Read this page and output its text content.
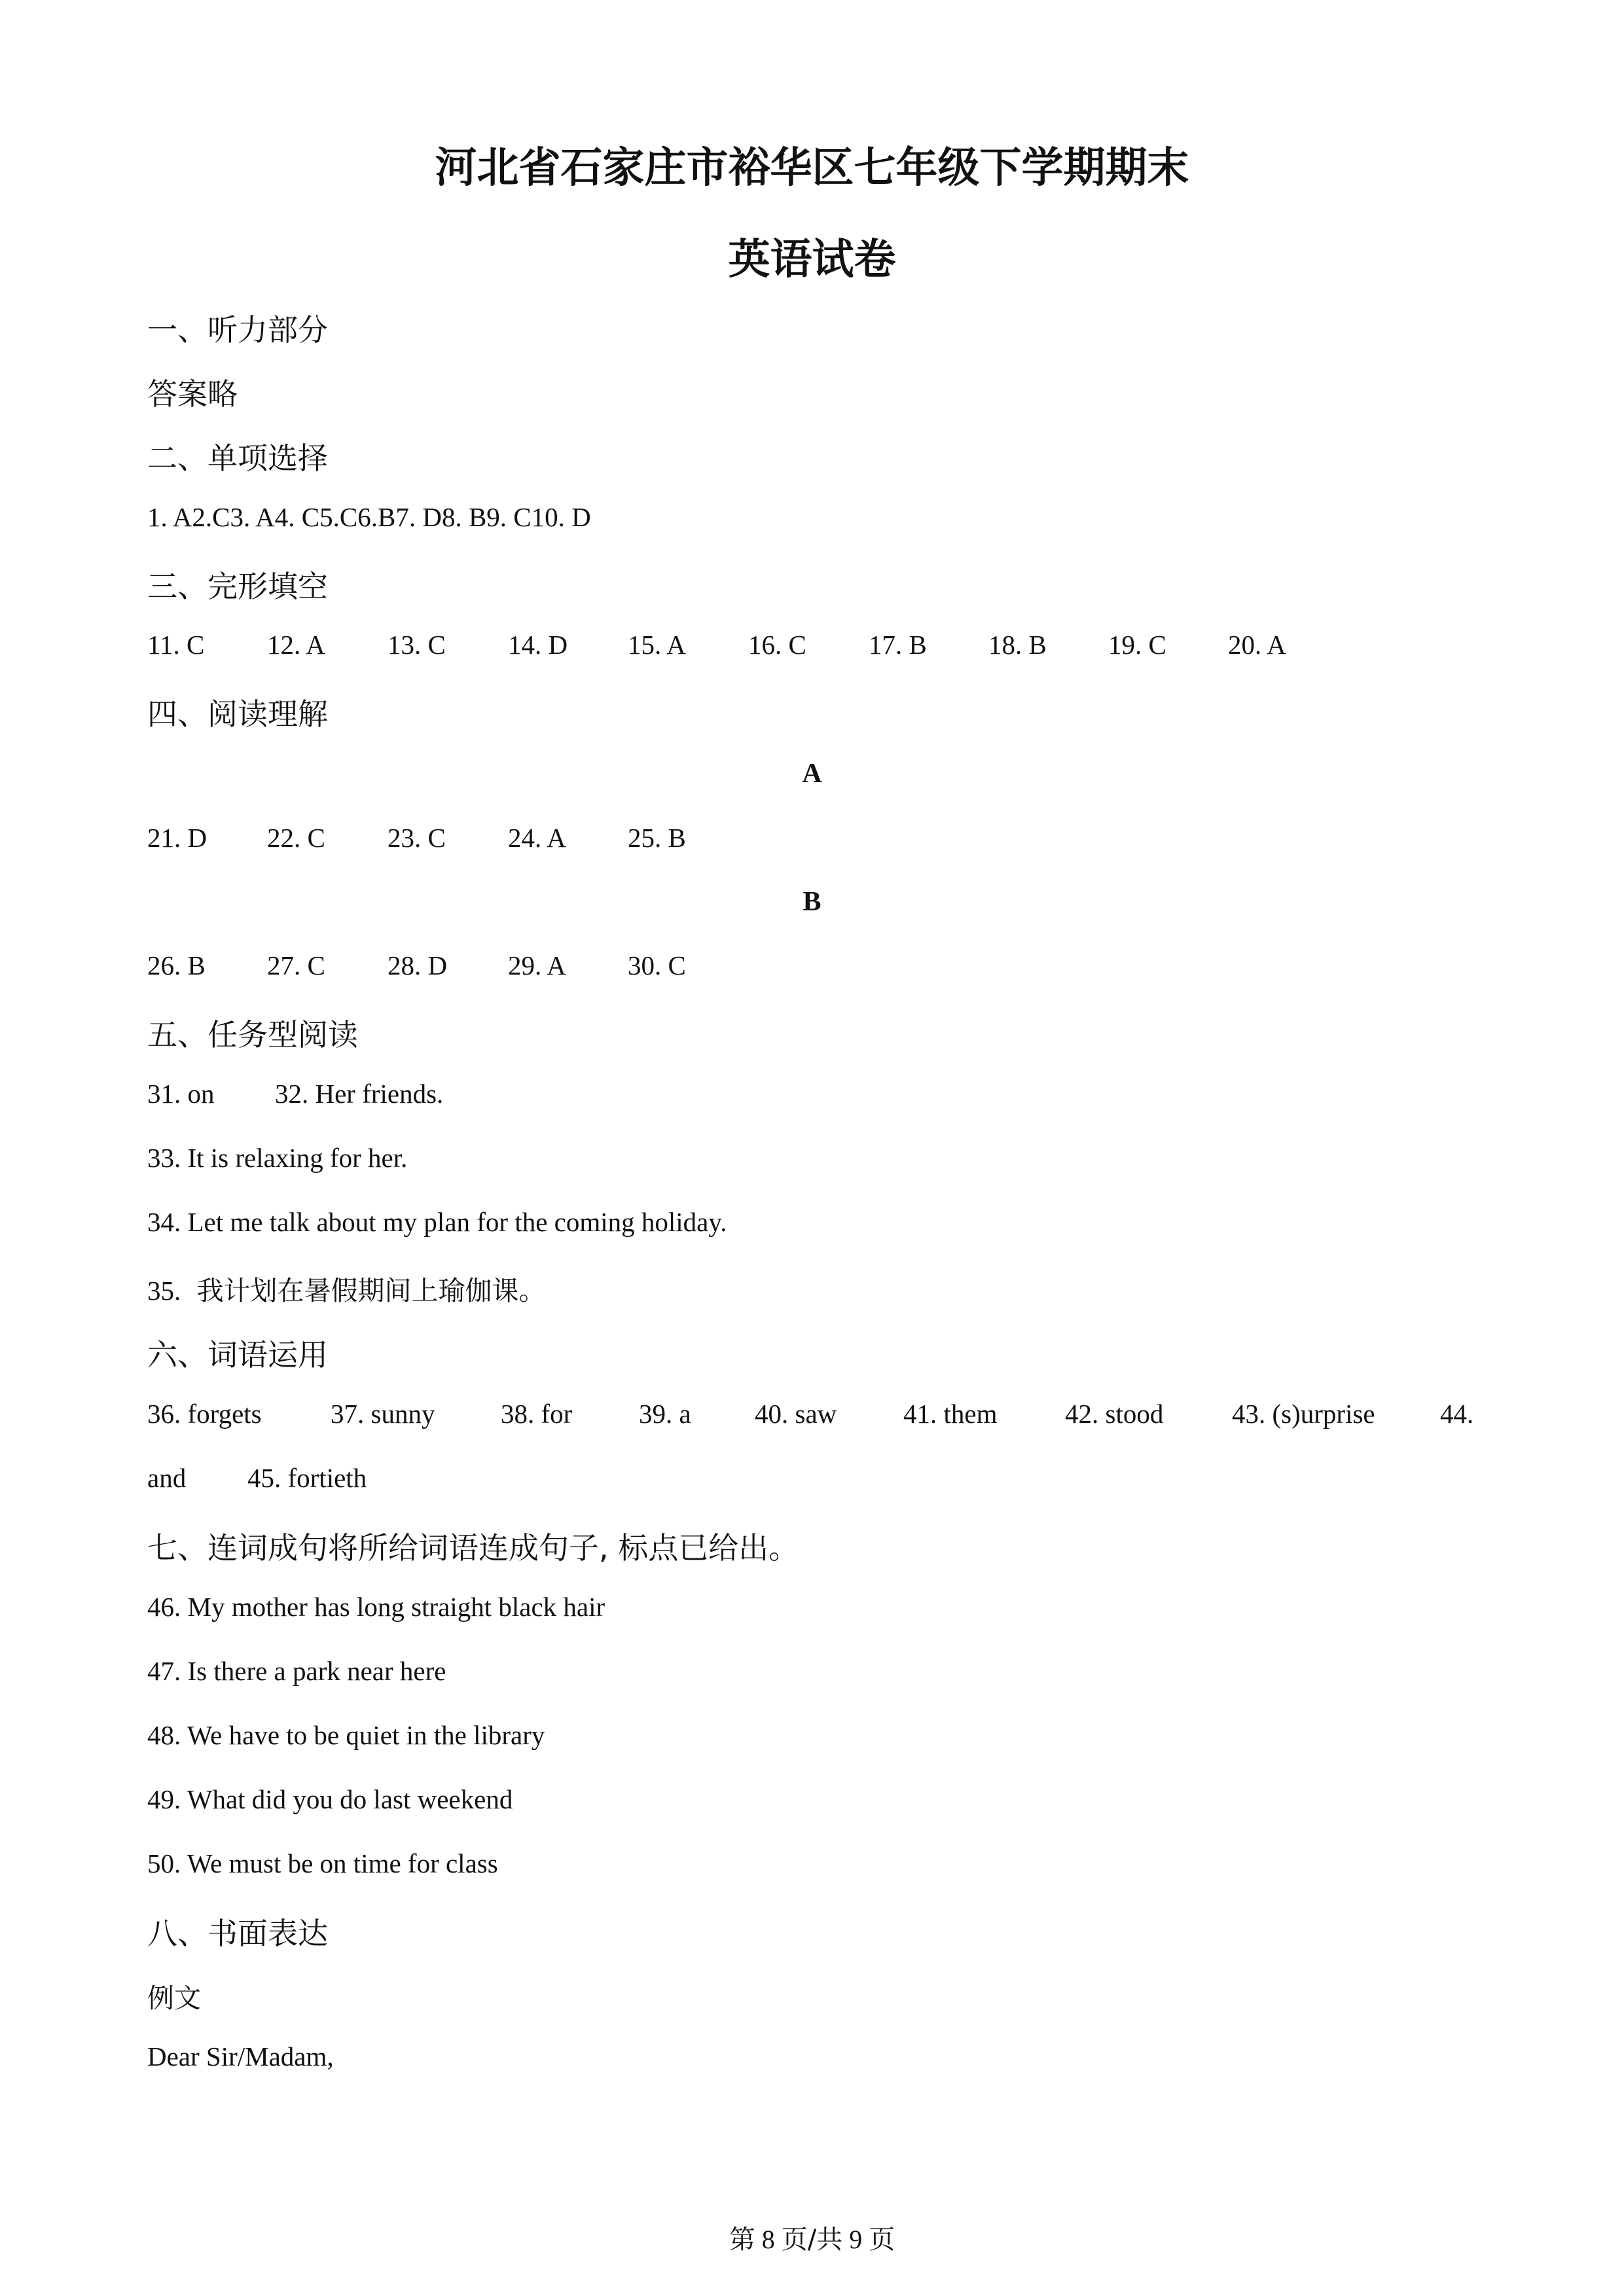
河北省石家庄市裕华区七年级下学期期末
英语试卷
一、听力部分
答案略
二、单项选择
1. A2.C3. A4. C5.C6.B7. D8. B9. C10. D
三、完形填空
11. C 12. A 13. C 14. D 15. A 16. C 17. B 18. B 19. C 20. A
四、阅读理解
A
21. D 22. C 23. C 24. A 25. B
B
26. B 27. C 28. D 29. A 30. C
五、任务型阅读
31. on 32. Her friends.
33. It is relaxing for her.
34. Let me talk about my plan for the coming holiday.
35. 我计划在暑假期间上瑜伽课。
六、词语运用
36. forgets	37. sunny 38. for 39. a 40. saw 41. them	42. stood	43. (s)urprise 44.
and 45. fortieth
七、连词成句将所给词语连成句子, 标点已给出。
46. My mother has long straight black hair
47. Is there a park near here
48. We have to be quiet in the library
49. What did you do last weekend
50. We must be on time for class
八、书面表达
例文
Dear Sir/Madam,
第 8 页/共 9 页
